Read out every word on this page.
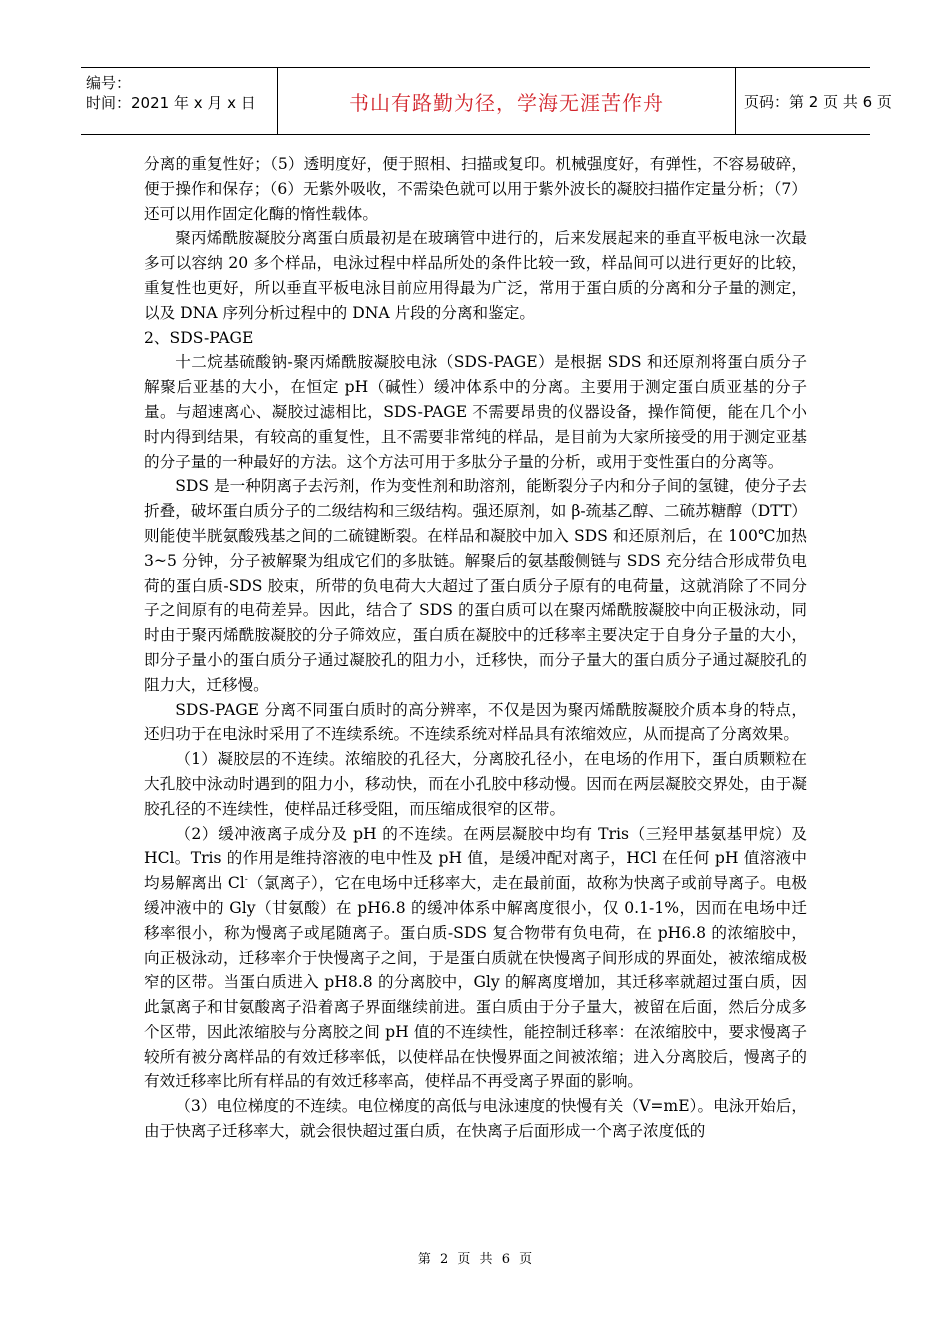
编号：
时间：2021 年 x 月 x 日	书山有路勤为径，学海无涯苦作舟	页码：第 2 页 共 6 页

分离的重复性好；（5）透明度好，便于照相、扫描或复印。机械强度好，有弹性，不容易破碎，便于操作和保存；（6）无紫外吸收，不需染色就可以用于紫外波长的凝胶扫描作定量分析；（7）还可以用作固定化酶的惰性载体。

聚丙烯酰胺凝胶分离蛋白质最初是在玻璃管中进行的，后来发展起来的垂直平板电泳一次最多可以容纳 20 多个样品，电泳过程中样品所处的条件比较一致，样品间可以进行更好的比较，重复性也更好，所以垂直平板电泳目前应用得最为广泛，常用于蛋白质的分离和分子量的测定，以及 DNA 序列分析过程中的 DNA 片段的分离和鉴定。

2、SDS-PAGE

十二烷基硫酸钠-聚丙烯酰胺凝胶电泳（SDS-PAGE）是根据 SDS 和还原剂将蛋白质分子解聚后亚基的大小，在恒定 pH（碱性）缓冲体系中的分离。主要用于测定蛋白质亚基的分子量。与超速离心、凝胶过滤相比，SDS-PAGE 不需要昂贵的仪器设备，操作简便，能在几个小时内得到结果，有较高的重复性，且不需要非常纯的样品，是目前为大家所接受的用于测定亚基的分子量的一种最好的方法。这个方法可用于多肽分子量的分析，或用于变性蛋白的分离等。

SDS 是一种阴离子去污剂，作为变性剂和助溶剂，能断裂分子内和分子间的氢键，使分子去折叠，破坏蛋白质分子的二级结构和三级结构。强还原剂，如 β-巯基乙醇、二硫苏糖醇（DTT）则能使半胱氨酸残基之间的二硫键断裂。在样品和凝胶中加入 SDS 和还原剂后，在 100℃加热 3~5 分钟，分子被解聚为组成它们的多肽链。解聚后的氨基酸侧链与 SDS 充分结合形成带负电荷的蛋白质-SDS 胶束，所带的负电荷大大超过了蛋白质分子原有的电荷量，这就消除了不同分子之间原有的电荷差异。因此，结合了 SDS 的蛋白质可以在聚丙烯酰胺凝胶中向正极泳动，同时由于聚丙烯酰胺凝胶的分子筛效应，蛋白质在凝胶中的迁移率主要决定于自身分子量的大小，即分子量小的蛋白质分子通过凝胶孔的阻力小，迁移快，而分子量大的蛋白质分子通过凝胶孔的阻力大，迁移慢。

SDS-PAGE 分离不同蛋白质时的高分辨率，不仅是因为聚丙烯酰胺凝胶介质本身的特点，还归功于在电泳时采用了不连续系统。不连续系统对样品具有浓缩效应，从而提高了分离效果。

（1）凝胶层的不连续。浓缩胶的孔径大，分离胶孔径小，在电场的作用下，蛋白质颗粒在大孔胶中泳动时遇到的阻力小，移动快，而在小孔胶中移动慢。因而在两层凝胶交界处，由于凝胶孔径的不连续性，使样品迁移受阻，而压缩成很窄的区带。

（2）缓冲液离子成分及 pH 的不连续。在两层凝胶中均有 Tris（三羟甲基氨基甲烷）及 HCl。Tris 的作用是维持溶液的电中性及 pH 值，是缓冲配对离子，HCl 在任何 pH 值溶液中均易解离出 Cl-（氯离子），它在电场中迁移率大，走在最前面，故称为快离子或前导离子。电极缓冲液中的 Gly（甘氨酸）在 pH6.8 的缓冲体系中解离度很小，仅 0.1-1%，因而在电场中迁移率很小，称为慢离子或尾随离子。蛋白质-SDS 复合物带有负电荷，在 pH6.8 的浓缩胶中，向正极泳动，迁移率介于快慢离子之间，于是蛋白质就在快慢离子间形成的界面处，被浓缩成极窄的区带。当蛋白质进入 pH8.8 的分离胶中，Gly 的解离度增加，其迁移率就超过蛋白质，因此氯离子和甘氨酸离子沿着离子界面继续前进。蛋白质由于分子量大，被留在后面，然后分成多个区带，因此浓缩胶与分离胶之间 pH 值的不连续性，能控制迁移率：在浓缩胶中，要求慢离子较所有被分离样品的有效迁移率低，以使样品在快慢界面之间被浓缩；进入分离胶后，慢离子的有效迁移率比所有样品的有效迁移率高，使样品不再受离子界面的影响。

（3）电位梯度的不连续。电位梯度的高低与电泳速度的快慢有关（V=mE）。电泳开始后，由于快离子迁移率大，就会很快超过蛋白质，在快离子后面形成一个离子浓度低的

第 2 页 共 6 页
